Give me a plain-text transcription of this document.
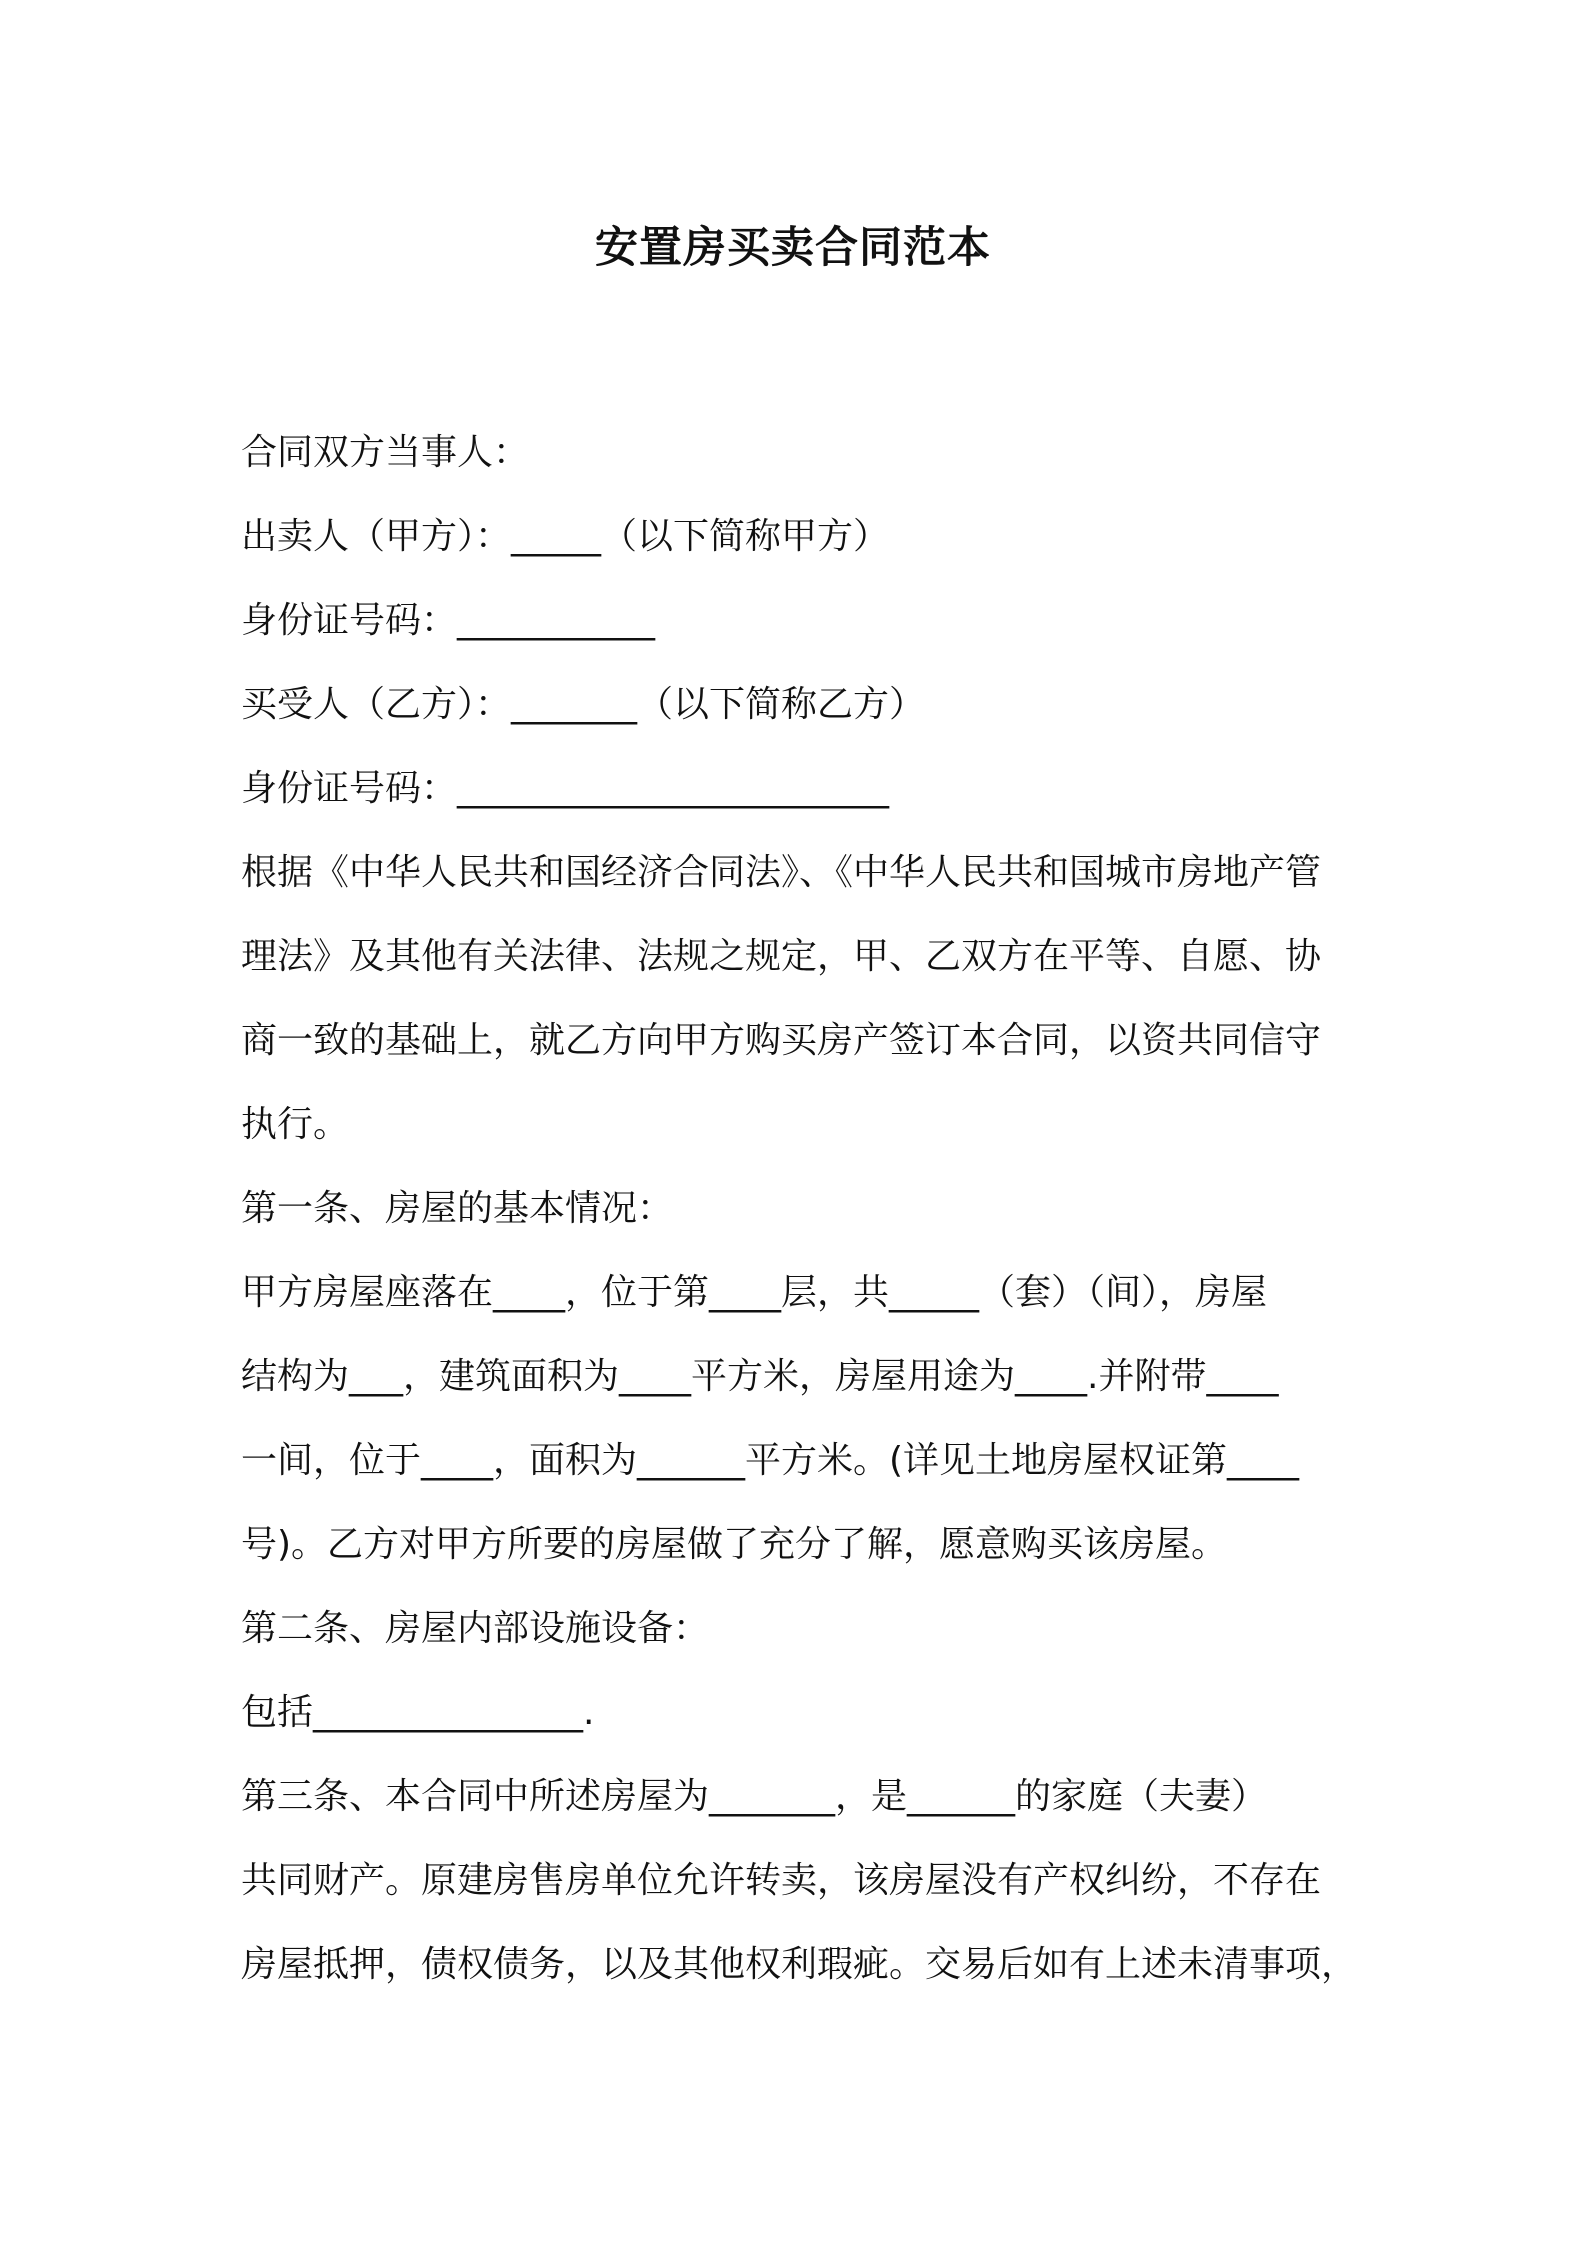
安置房买卖合同范本
合同双方当事人：
出卖人（甲方）：_____（以下简称甲方）
身份证号码：___________
买受人（乙方）：_______（以下简称乙方）
身份证号码：________________________
根据《中华人民共和国经济合同法》、《中华人民共和国城市房地产管
理法》及其他有关法律、法规之规定，甲、乙双方在平等、自愿、协
商一致的基础上，就乙方向甲方购买房产签订本合同，以资共同信守
执行。
第一条、房屋的基本情况：
甲方房屋座落在____，位于第____层，共_____（套）（间），房屋
结构为___，建筑面积为____平方米，房屋用途为____.并附带____
一间，位于____，面积为______平方米。(详见土地房屋权证第____
号)。乙方对甲方所要的房屋做了充分了解，愿意购买该房屋。
第二条、房屋内部设施设备：
包括_______________.
第三条、本合同中所述房屋为_______，是______的家庭（夫妻）
共同财产。原建房售房单位允许转卖，该房屋没有产权纠纷，不存在
房屋抵押，债权债务，以及其他权利瑕疵。交易后如有上述未清事项，
